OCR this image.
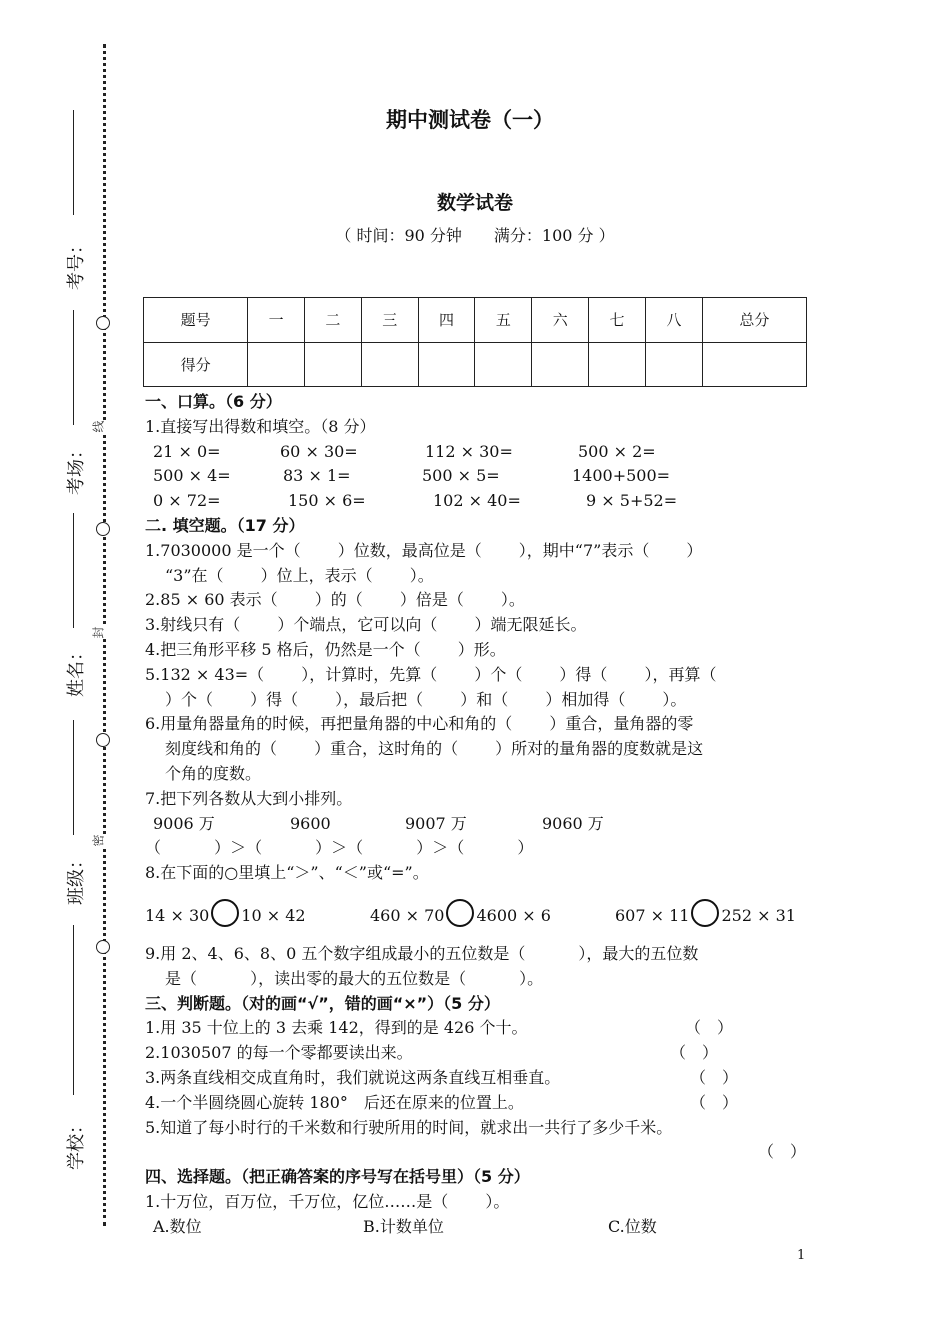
线
封
密
考号：
考场：
姓名：
班级：
学校：
期中测试卷（一）
数学试卷
（ 时间：90 分钟　　满分：100 分 ）
题号	一	二	三	四	五	六	七	八	总分
得分									
一、口算。（6 分）
1.直接写出得数和填空。（8 分）
21 × 0=	60 × 30=	112 × 30=	500 × 2=
500 × 4=	83 × 1=	500 × 5=	1400+500=
0 × 72=	150 × 6=	102 × 40=	9 × 5+52=
二. 填空题。（17 分）
1.7030000 是一个（　　 ）位数，最高位是（　　 ），期中“7”表示（　　 ）
“3”在（　　 ）位上，表示（　　 ）。
2.85 × 60 表示（　　 ）的（　　 ）倍是（　　 ）。
3.射线只有（　　 ）个端点，它可以向（　　 ）端无限延长。
4.把三角形平移 5 格后，仍然是一个（　　 ）形。
5.132 × 43=（　　 ），计算时，先算（　　 ）个（　　 ）得（　　 ），再算（
）个（　　 ）得（　　 ），最后把（　　 ）和（　　 ）相加得（　　 ）。
6.用量角器量角的时候，再把量角器的中心和角的（　　 ）重合，量角器的零
刻度线和角的（　　 ）重合，这时角的（　　 ）所对的量角器的度数就是这
个角的度数。
7.把下列各数从大到小排列。
9006 万	9600	9007 万	9060 万
（　　　 ）＞（　　　 ）＞（　　　 ）＞（　　　 ）
8.在下面的○里填上“＞”、“＜”或“=”。
14 × 30 10 × 42	460 × 70 4600 × 6	607 × 11 252 × 31
9.用 2、4、6、8、0 五个数字组成最小的五位数是（　　　 ），最大的五位数
是（　　　 ），读出零的最大的五位数是（　　　 ）。
三、判断题。（对的画“√”，错的画“×”）（5 分）
1.用 35 十位上的 3 去乘 142，得到的是 426 个十。	（　）
2.1030507 的每一个零都要读出来。	（　）
3.两条直线相交成直角时，我们就说这两条直线互相垂直。	（　）
4.一个半圆绕圆心旋转 180°　后还在原来的位置上。	（　）
5.知道了每小时行的千米数和行驶所用的时间，就求出一共行了多少千米。
（　）
四、选择题。（把正确答案的序号写在括号里）（5 分）
1.十万位，百万位，千万位，亿位……是（　　 ）。
A.数位	B.计数单位	C.位数
1
